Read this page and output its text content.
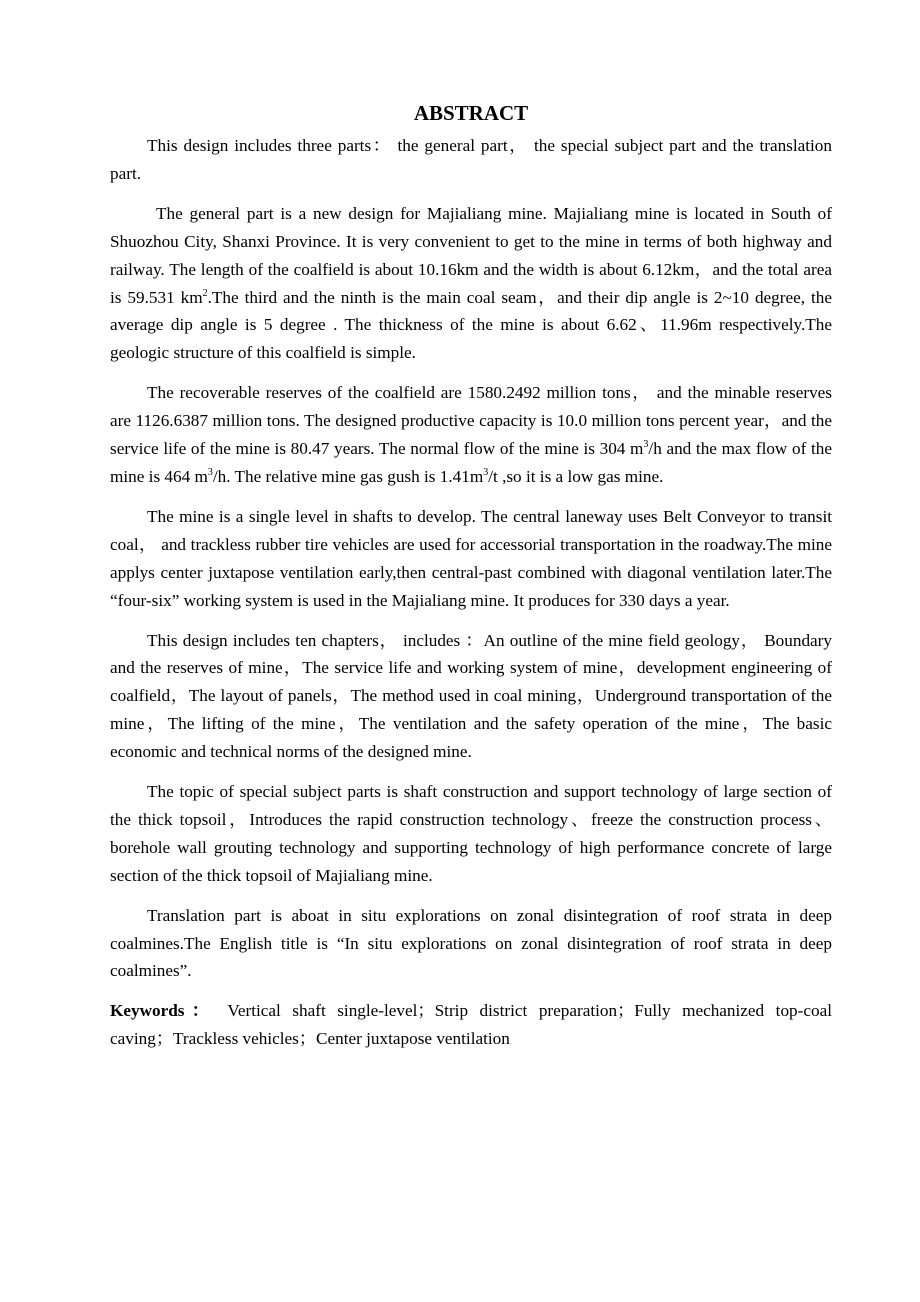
ABSTRACT

This design includes three parts： the general part， the special subject part and the translation part.

The general part is a new design for Majialiang mine. Majialiang mine is located in South of Shuozhou City, Shanxi Province. It is very convenient to get to the mine in terms of both highway and railway. The length of the coalfield is about 10.16km and the width is about 6.12km，and the total area is 59.531 $km^2.The$ third and the ninth is the main coal seam，and their dip angle is 2~10 degree, the average dip angle is 5 degree . The thickness of the mine is about 6.62、11.96m respectively.The geologic structure of this coalfield is simple.

The recoverable reserves of the coalfield are 1580.2492 million tons， and the minable reserves are 1126.6387 million tons. The designed productive capacity is 10.0 million tons percent year，and the service life of the mine is 80.47 years. The normal flow of the mine is 304 $m^3/h$ and the max flow of the mine is 464 $m^3/h$. The relative mine gas gush is $1.41m^3/t$ ,so it is a low gas mine.

The mine is a single level in shafts to develop. The central laneway uses Belt Conveyor to transit coal， and trackless rubber tire vehicles are used for accessorial transportation in the roadway.The mine applys center juxtapose ventilation early,then central-past combined with diagonal ventilation later.The “four-six” working system is used in the Majialiang mine. It produces for 330 days a year.

This design includes ten chapters， includes ：An outline of the mine field geology， Boundary and the reserves of mine，The service life and working system of mine，development engineering of coalfield，The layout of panels，The method used in coal mining，Underground transportation of the mine，The lifting of the mine，The ventilation and the safety operation of the mine，The basic economic and technical norms of the designed mine.

The topic of special subject parts is shaft construction and support technology of large section of the thick topsoil，Introduces the rapid construction technology、freeze the construction process、borehole wall grouting technology and supporting technology of high performance concrete of large section of the thick topsoil of Majialiang mine.

Translation part is aboat in situ explorations on zonal disintegration of roof strata in deep coalmines.The English title is “In situ explorations on zonal disintegration of roof strata in deep coalmines”.

Keywords： Vertical shaft single-level；Strip district preparation；Fully mechanized top-coal caving；Trackless vehicles；Center juxtapose ventilation
